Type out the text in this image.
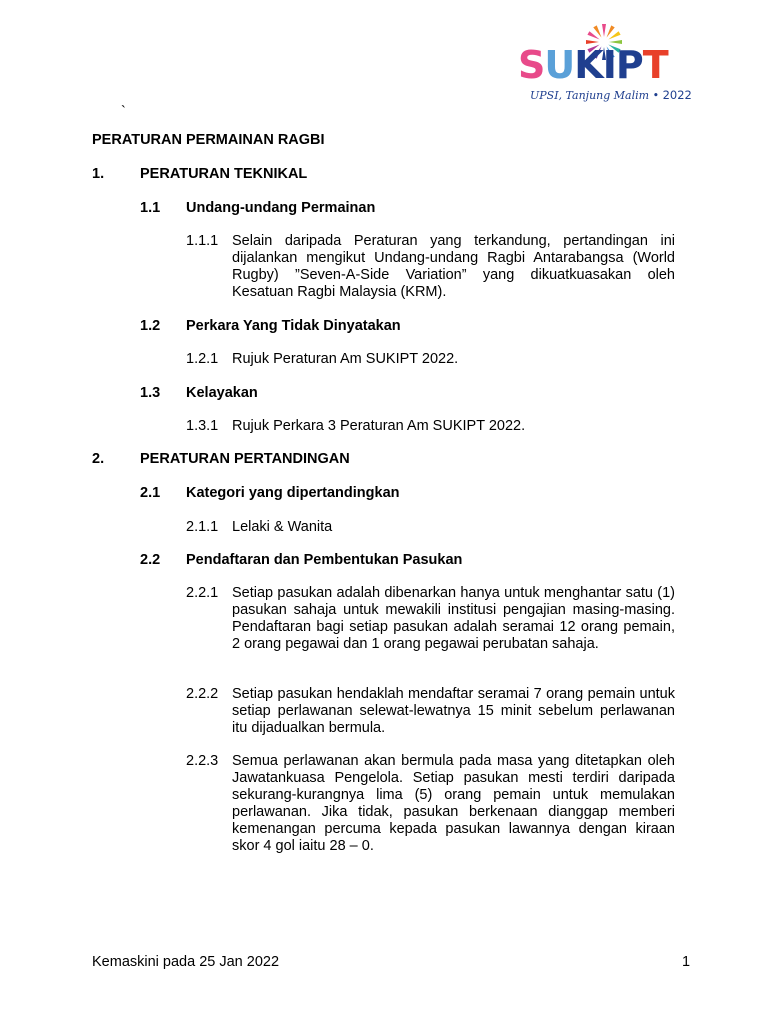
SUKIPT
UPSI, Tanjung Malim • 2022
`
PERATURAN PERMAINAN RAGBI
1. PERATURAN TEKNIKAL
1.1 Undang-undang Permainan
1.1.1 Selain daripada Peraturan yang terkandung, pertandingan ini dijalankan mengikut Undang-undang Ragbi Antarabangsa (World Rugby) ”Seven-A-Side Variation” yang dikuatkuasakan oleh Kesatuan Ragbi Malaysia (KRM).
1.2 Perkara Yang Tidak Dinyatakan
1.2.1 Rujuk Peraturan Am SUKIPT 2022.
1.3 Kelayakan
1.3.1 Rujuk Perkara 3 Peraturan Am SUKIPT 2022.
2. PERATURAN PERTANDINGAN
2.1 Kategori yang dipertandingkan
2.1.1 Lelaki & Wanita
2.2 Pendaftaran dan Pembentukan Pasukan
2.2.1 Setiap pasukan adalah dibenarkan hanya untuk menghantar satu (1) pasukan sahaja untuk mewakili institusi pengajian masing-masing. Pendaftaran bagi setiap pasukan adalah seramai 12 orang pemain, 2 orang pegawai dan 1 orang pegawai perubatan sahaja.
2.2.2 Setiap pasukan hendaklah mendaftar seramai 7 orang pemain untuk setiap perlawanan selewat-lewatnya 15 minit sebelum perlawanan itu dijadualkan bermula.
2.2.3 Semua perlawanan akan bermula pada masa yang ditetapkan oleh Jawatankuasa Pengelola. Setiap pasukan mesti terdiri daripada sekurang-kurangnya lima (5) orang pemain untuk memulakan perlawanan. Jika tidak, pasukan berkenaan dianggap memberi kemenangan percuma kepada pasukan lawannya dengan kiraan skor 4 gol iaitu 28 – 0.
Kemaskini pada 25 Jan 2022	1
